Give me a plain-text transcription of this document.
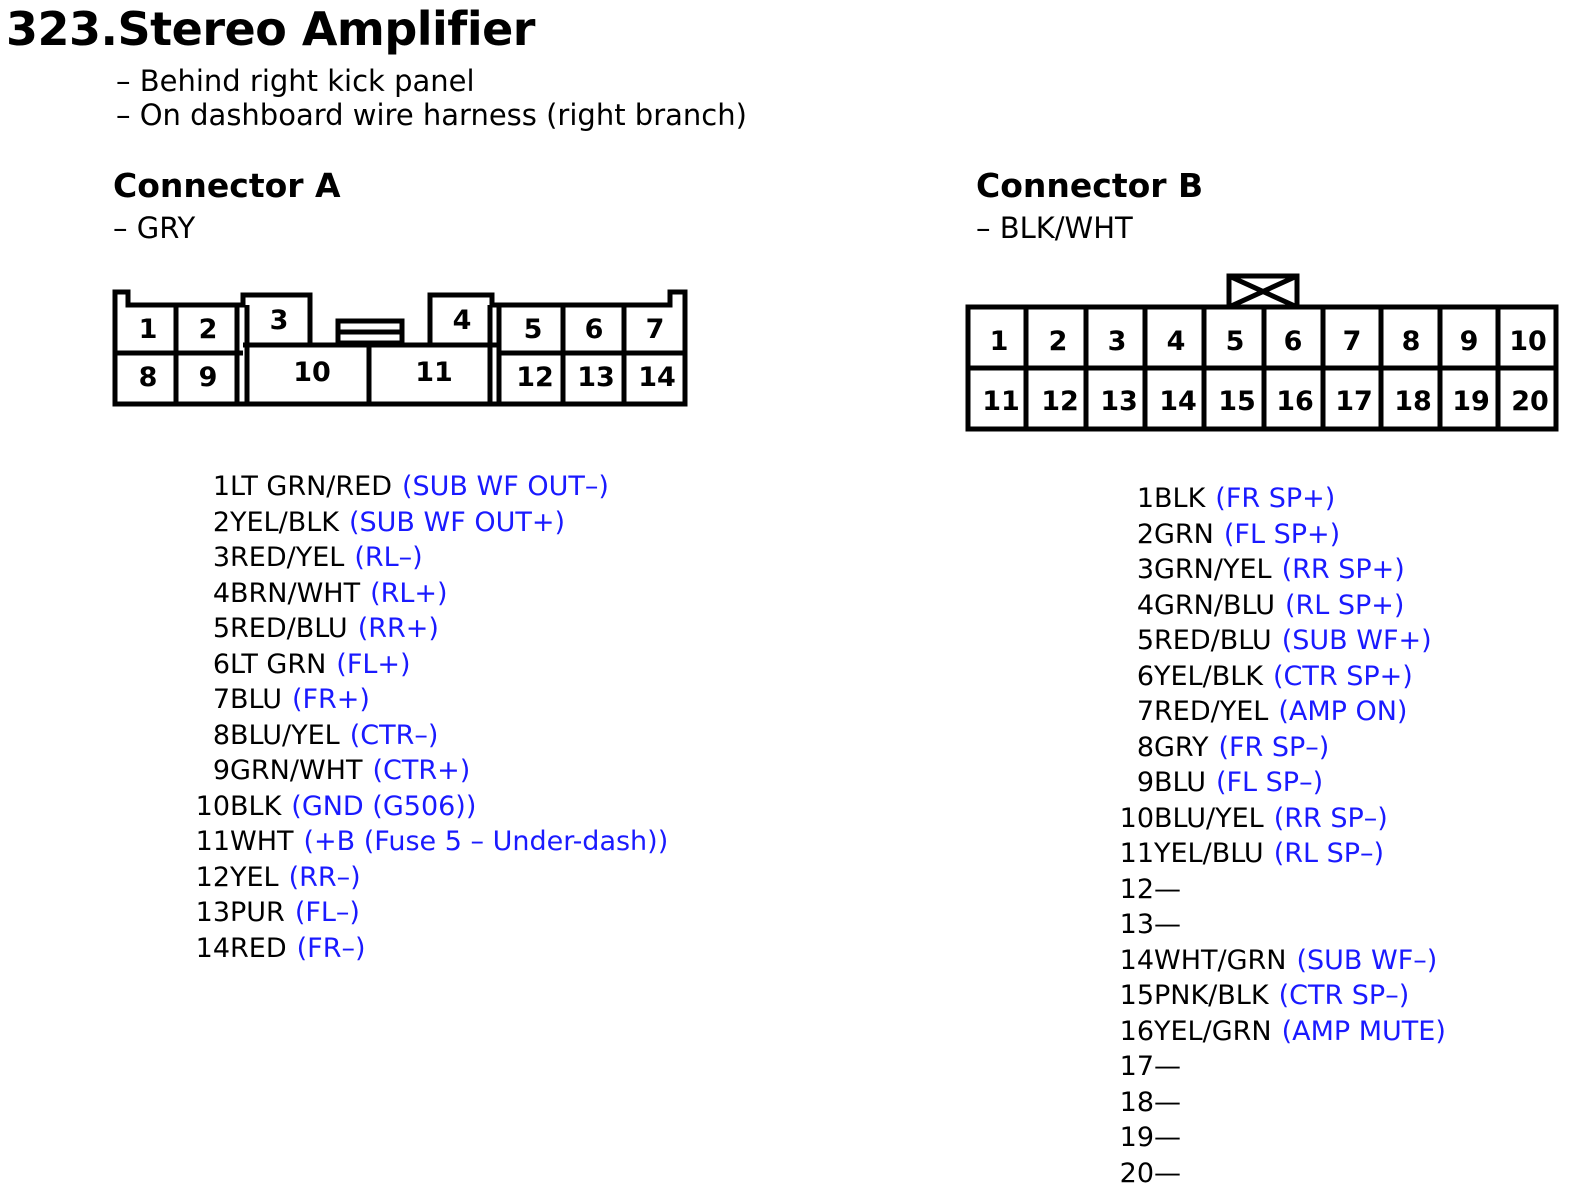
323.Stereo Amplifier
– Behind right kick panel
– On dashboard wire harness (right branch)
Connector A
– GRY
Connector B
– BLK/WHT
1 2 3	4 5 6 7
8 9	10	11 12 13 14
1 2 3 4 5 6 7 8 9 10
11 12 13 14 15 16 17 18 19 20
1LT GRN/RED (SUB WF OUT–)
2YEL/BLK (SUB WF OUT+)
3RED/YEL (RL–)
4BRN/WHT (RL+)
5RED/BLU (RR+)
6LT GRN (FL+)
7BLU (FR+)
8BLU/YEL (CTR–)
9GRN/WHT (CTR+)
10BLK (GND (G506))
11WHT (+B (Fuse 5 – Under-dash))
12YEL (RR–)
13PUR (FL–)
14RED (FR–)
1BLK (FR SP+)
2GRN (FL SP+)
3GRN/YEL (RR SP+)
4GRN/BLU (RL SP+)
5RED/BLU (SUB WF+)
6YEL/BLK (CTR SP+)
7RED/YEL (AMP ON)
8GRY (FR SP–)
9BLU (FL SP–)
10BLU/YEL (RR SP–)
11YEL/BLU (RL SP–)
12—
13—
14WHT/GRN (SUB WF–)
15PNK/BLK (CTR SP–)
16YEL/GRN (AMP MUTE)
17—
18—
19—
20—
